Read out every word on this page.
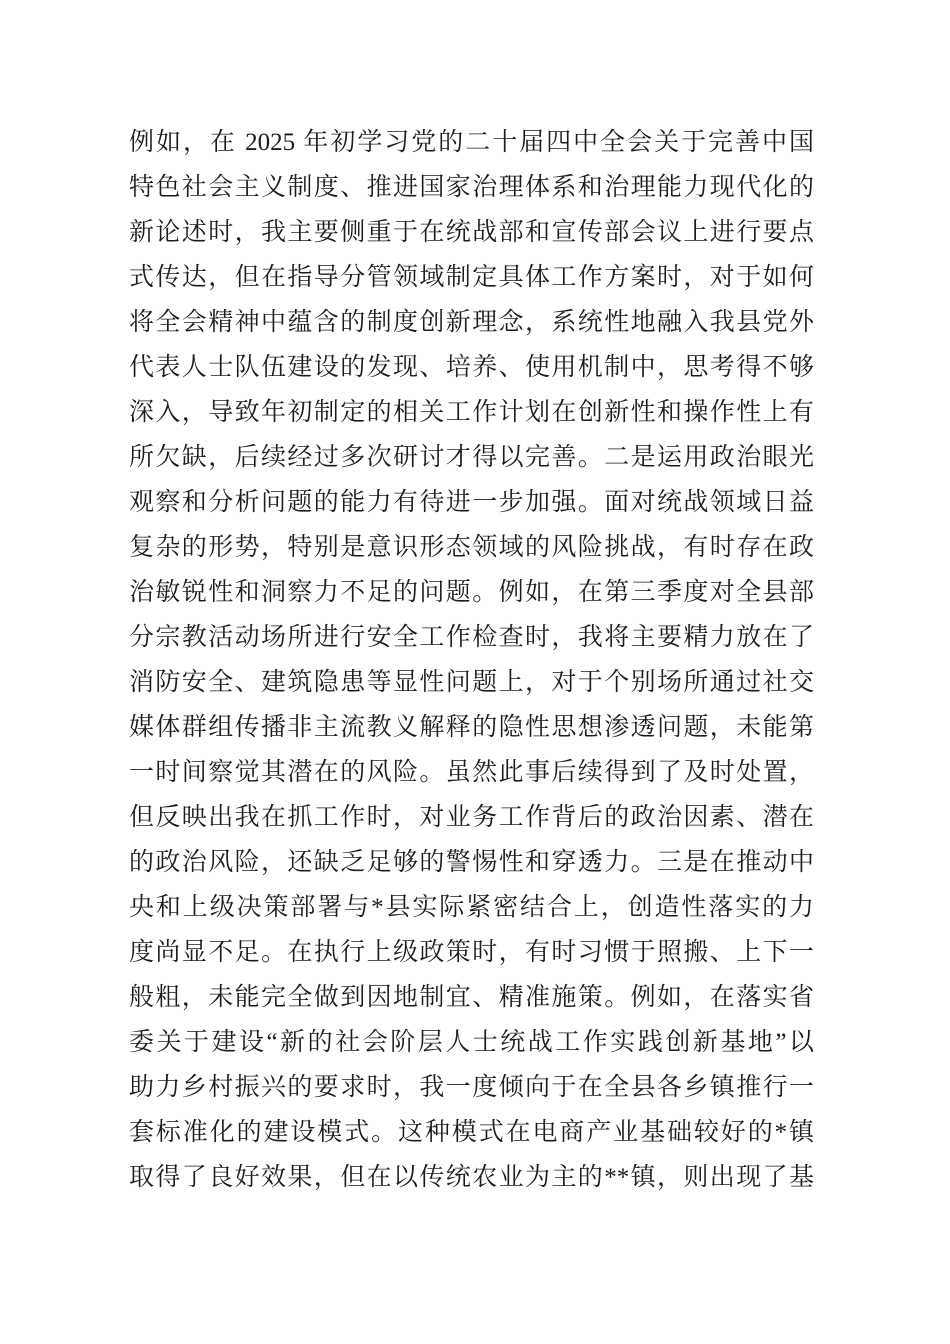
例如，在 2025 年初学习党的二十届四中全会关于完善中国
特色社会主义制度、推进国家治理体系和治理能力现代化的
新论述时，我主要侧重于在统战部和宣传部会议上进行要点
式传达，但在指导分管领域制定具体工作方案时，对于如何
将全会精神中蕴含的制度创新理念，系统性地融入我县党外
代表人士队伍建设的发现、培养、使用机制中，思考得不够
深入，导致年初制定的相关工作计划在创新性和操作性上有
所欠缺，后续经过多次研讨才得以完善。二是运用政治眼光
观察和分析问题的能力有待进一步加强。面对统战领域日益
复杂的形势，特别是意识形态领域的风险挑战，有时存在政
治敏锐性和洞察力不足的问题。例如，在第三季度对全县部
分宗教活动场所进行安全工作检查时，我将主要精力放在了
消防安全、建筑隐患等显性问题上，对于个别场所通过社交
媒体群组传播非主流教义解释的隐性思想渗透问题，未能第
一时间察觉其潜在的风险。虽然此事后续得到了及时处置，
但反映出我在抓工作时，对业务工作背后的政治因素、潜在
的政治风险，还缺乏足够的警惕性和穿透力。三是在推动中
央和上级决策部署与*县实际紧密结合上，创造性落实的力
度尚显不足。在执行上级政策时，有时习惯于照搬、上下一
般粗，未能完全做到因地制宜、精准施策。例如，在落实省
委关于建设“新的社会阶层人士统战工作实践创新基地”以
助力乡村振兴的要求时，我一度倾向于在全县各乡镇推行一
套标准化的建设模式。这种模式在电商产业基础较好的*镇
取得了良好效果，但在以传统农业为主的**镇，则出现了基
